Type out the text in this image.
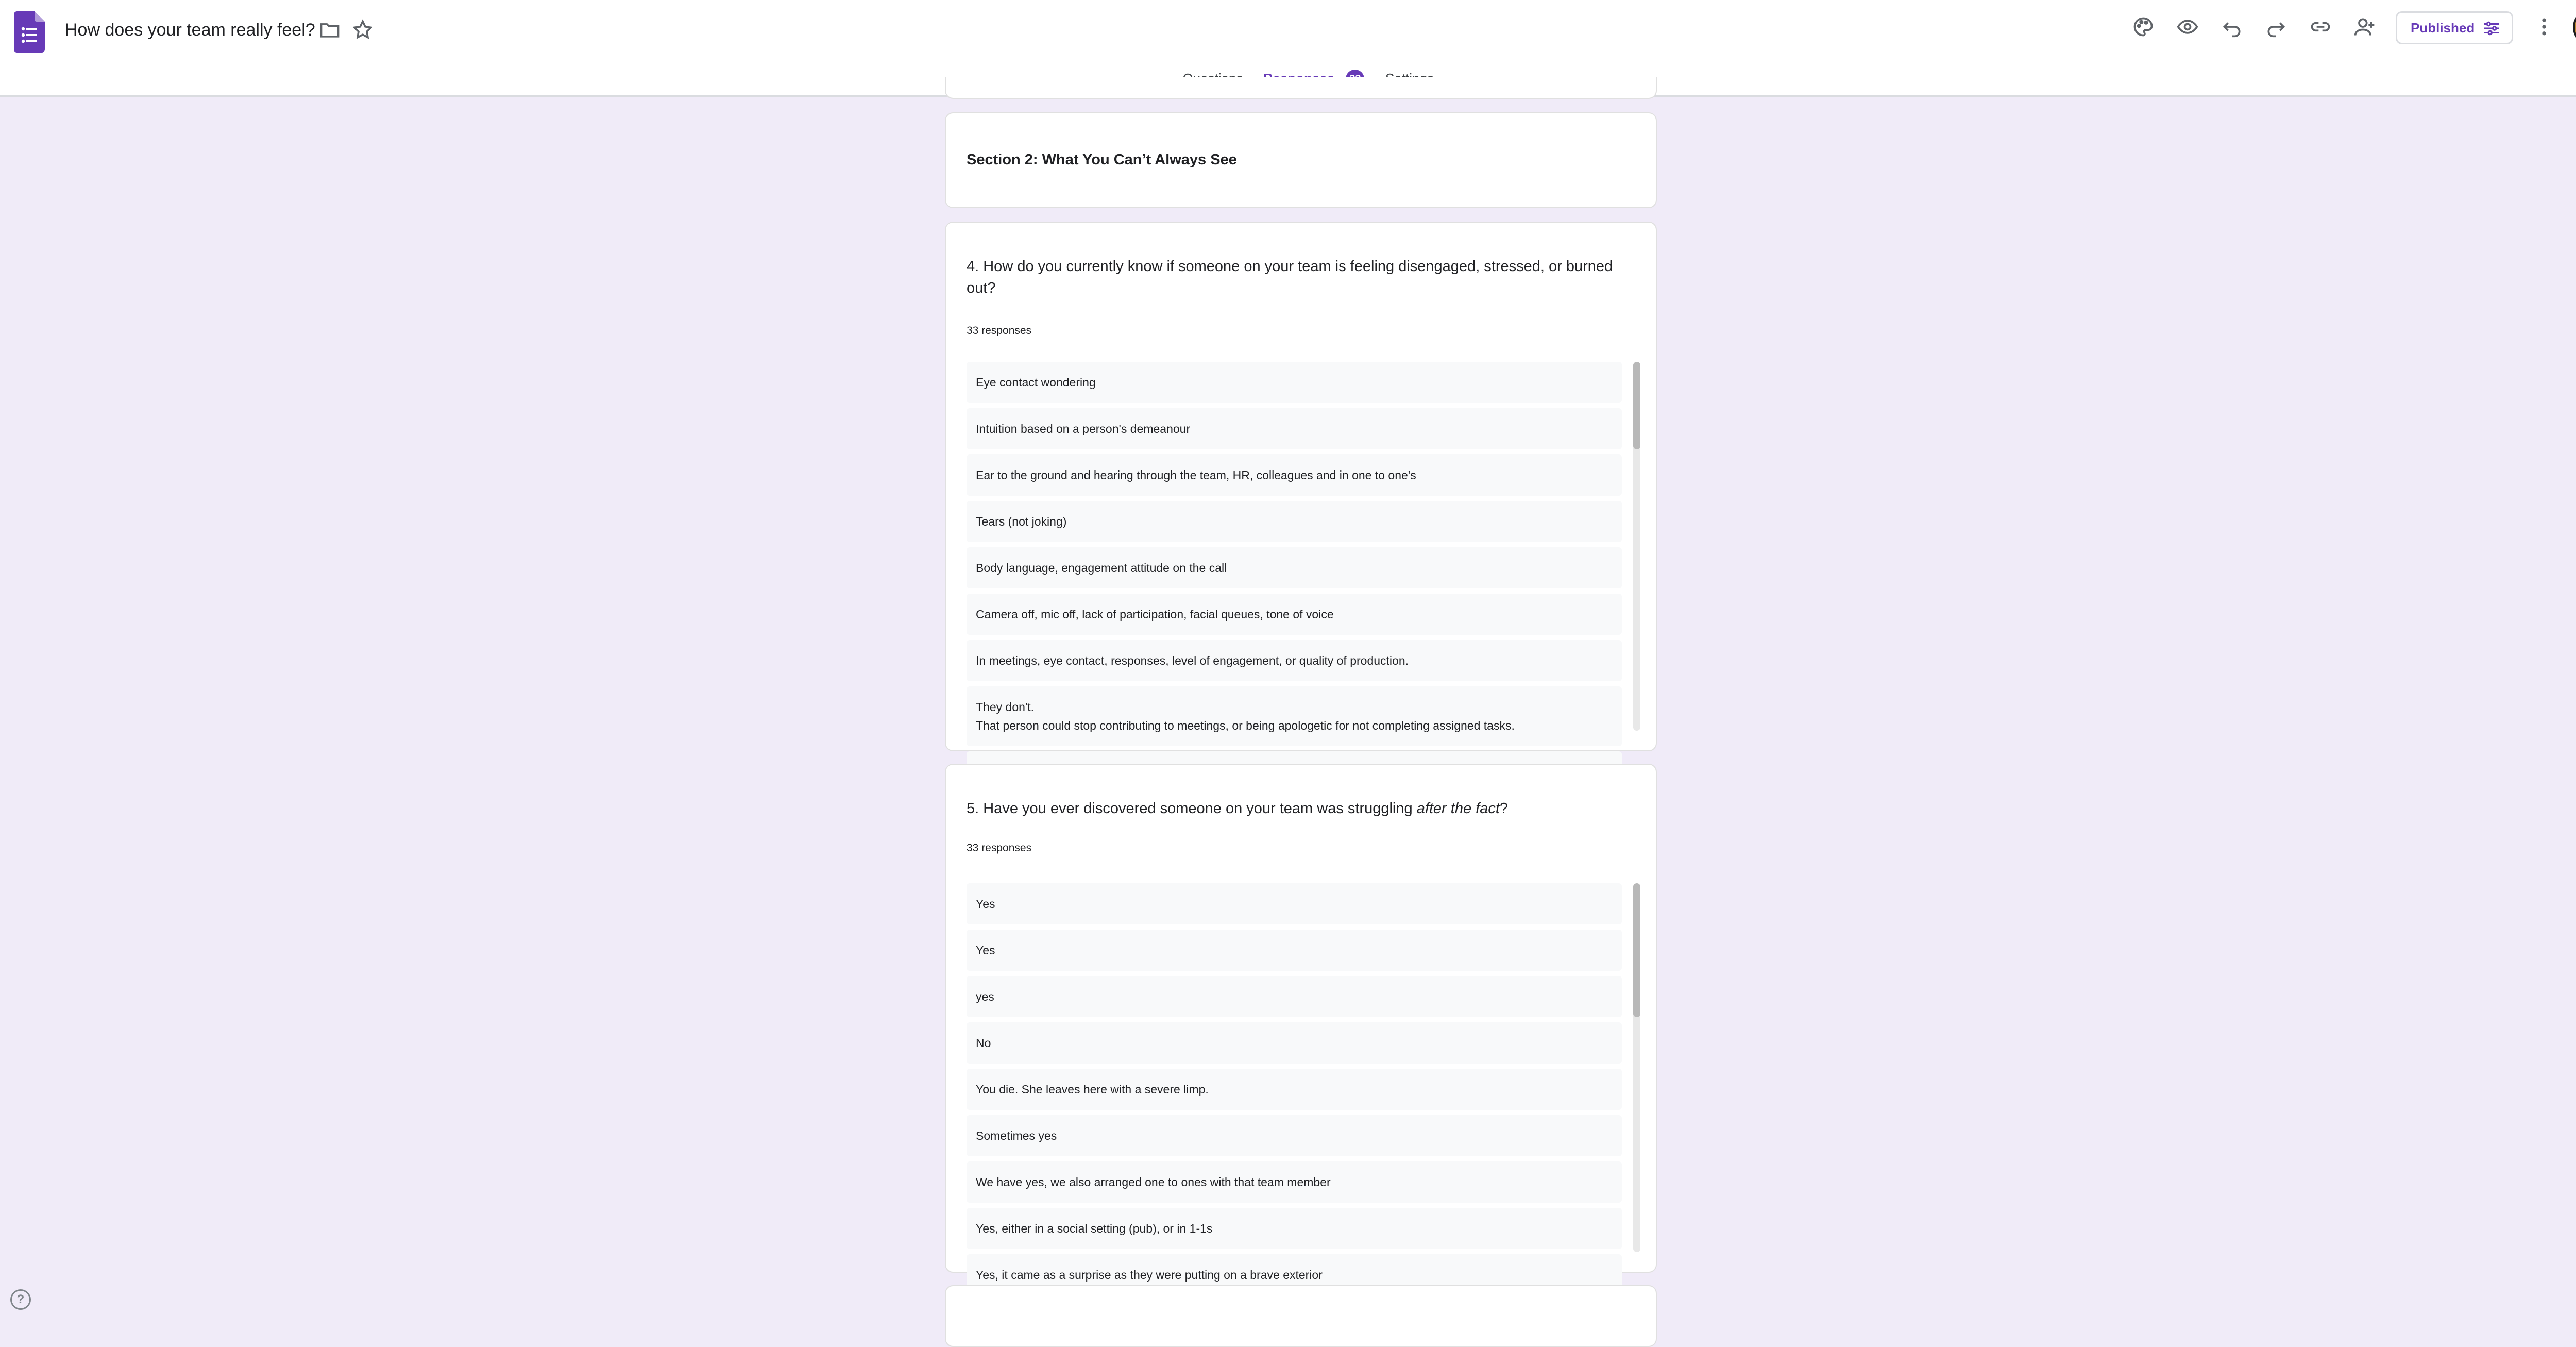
How does your team really feel?	Published
Section 2: What You Can’t Always See
4. How do you currently know if someone on your team is feeling disengaged, stressed, or burned out?
33 responses
Eye contact wondering
Intuition based on a person's demeanour
Ear to the ground and hearing through the team, HR, colleagues and in one to one's
Tears (not joking)
Body language, engagement attitude on the call
Camera off, mic off, lack of participation, facial queues, tone of voice
In meetings, eye contact, responses, level of engagement, or quality of production.
They don't.
That person could stop contributing to meetings, or being apologetic for not completing assigned tasks.
5. Have you ever discovered someone on your team was struggling after the fact?
33 responses
Yes
Yes
yes
No
You die. She leaves here with a severe limp.
Sometimes yes
We have yes, we also arranged one to ones with that team member
Yes, either in a social setting (pub), or in 1-1s
Yes, it came as a surprise as they were putting on a brave exterior
?
